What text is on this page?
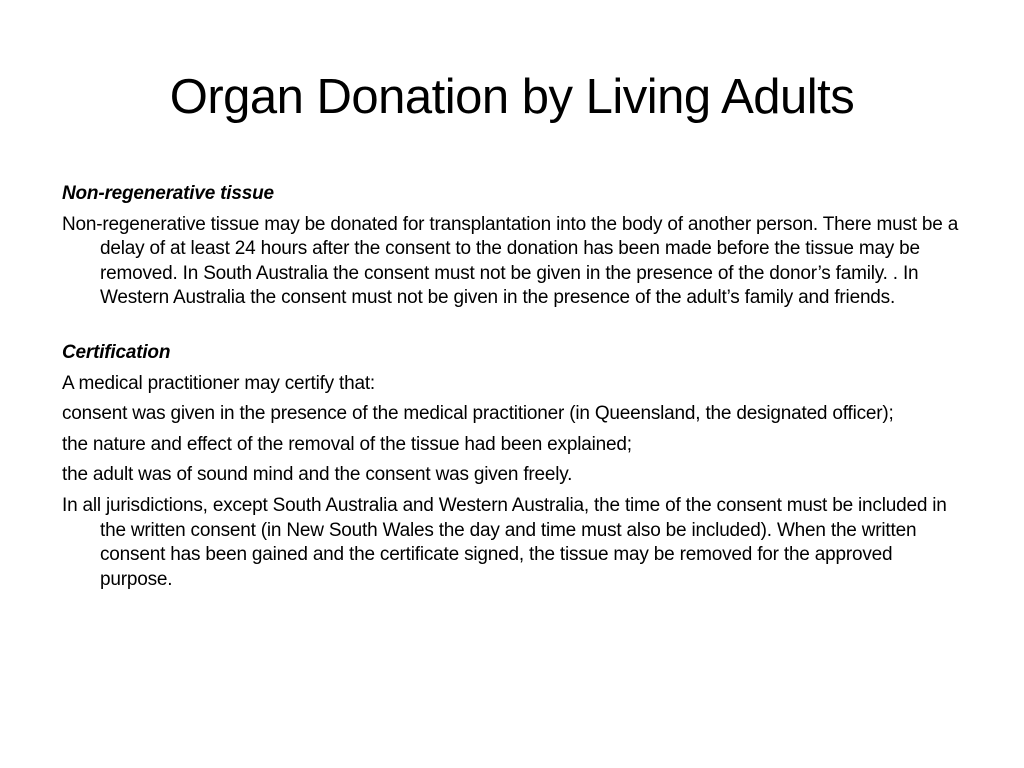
Organ Donation by Living Adults
Non-regenerative tissue
Non-regenerative tissue may be donated for transplantation into the body of another person. There must be a delay of at least 24 hours after the consent to the donation has been made before the tissue may be removed. In South Australia the consent must not be given in the presence of the donor’s family. . In Western Australia the consent must not be given in the presence of the adult’s family and friends.
Certification
A medical practitioner may certify that:
consent was given in the presence of the medical practitioner (in Queensland, the designated officer);
the nature and effect of the removal of the tissue had been explained;
the adult was of sound mind and the consent was given freely.
In all jurisdictions, except South Australia and Western Australia, the time of the consent must be included in the written consent (in New South Wales the day and time must also be included). When the written consent has been gained and the certificate signed, the tissue may be removed for the approved purpose.
